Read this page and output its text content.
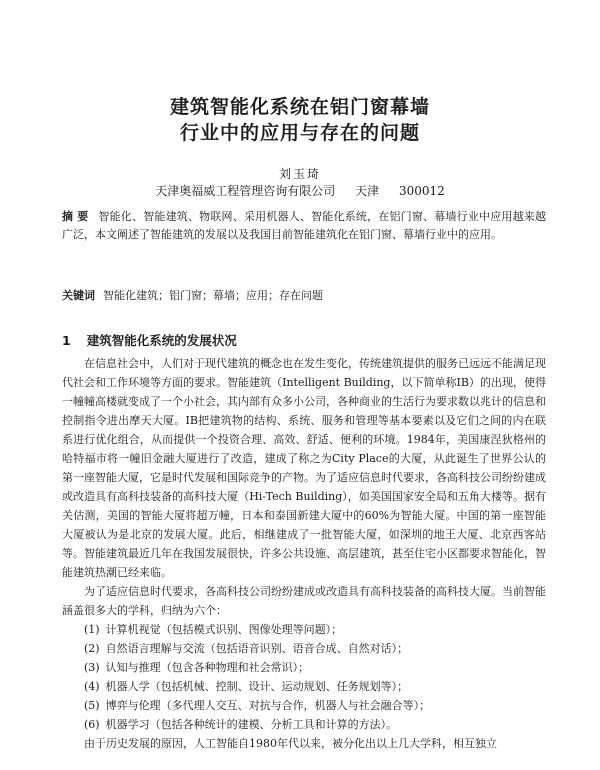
建筑智能化系统在铝门窗幕墙
行业中的应用与存在的问题
刘玉琦
天津奥福威工程管理咨询有限公司 天津 300012
摘 要 智能化、智能建筑、物联网、采用机器人、智能化系统，在铝门窗、幕墙行业中应用越来越广泛，本文阐述了智能建筑的发展以及我国目前智能建筑化在铝门窗、幕墙行业中的应用。
关键词 智能化建筑；铝门窗；幕墙；应用；存在问题
1 建筑智能化系统的发展状况

在信息社会中，人们对于现代建筑的概念也在发生变化，传统建筑提供的服务已远远不能满足现代社会和工作环境等方面的要求。智能建筑（Intelligent Building，以下简单称IB）的出现，使得一幢幢高楼就变成了一个小社会，其内部有众多小公司，各种商业的生活行为要求数以兆计的信息和控制指令进出摩天大厦。IB把建筑物的结构、系统、服务和管理等基本要素以及它们之间的内在联系进行优化组合，从而提供一个投资合理、高效、舒适、便利的环境。1984年，美国康涅狄格州的哈特福市将一幢旧金融大厦进行了改造，建成了称之为City Place的大厦，从此诞生了世界公认的第一座智能大厦，它是时代发展和国际竞争的产物。为了适应信息时代要求，各高科技公司纷纷建成或改造具有高科技装备的高科技大厦（Hi-Tech Building），如美国国家安全局和五角大楼等。据有关估测，美国的智能大厦将超万幢，日本和泰国新建大厦中的60%为智能大厦。中国的第一座智能大厦被认为是北京的发展大厦。此后，相继建成了一批智能大厦，如深圳的地王大厦、北京西客站等。智能建筑最近几年在我国发展很快，许多公共设施、高层建筑，甚至住宅小区都要求智能化，智能建筑热潮已经来临。

为了适应信息时代要求，各高科技公司纷纷建成或改造具有高科技装备的高科技大厦。当前智能涵盖很多大的学科，归纳为六个：

(1) 计算机视觉（包括模式识别、图像处理等问题）；
(2) 自然语言理解与交流（包括语音识别、语音合成、自然对话）；
(3) 认知与推理（包含各种物理和社会常识）；
(4) 机器人学（包括机械、控制、设计、运动规划、任务规划等）；
(5) 博弈与伦理（多代理人交互、对抗与合作，机器人与社会融合等）；
(6) 机器学习（包括各种统计的建模、分析工具和计算的方法）。

由于历史发展的原因，人工智能自1980年代以来，被分化出以上几大学科，相互独立
